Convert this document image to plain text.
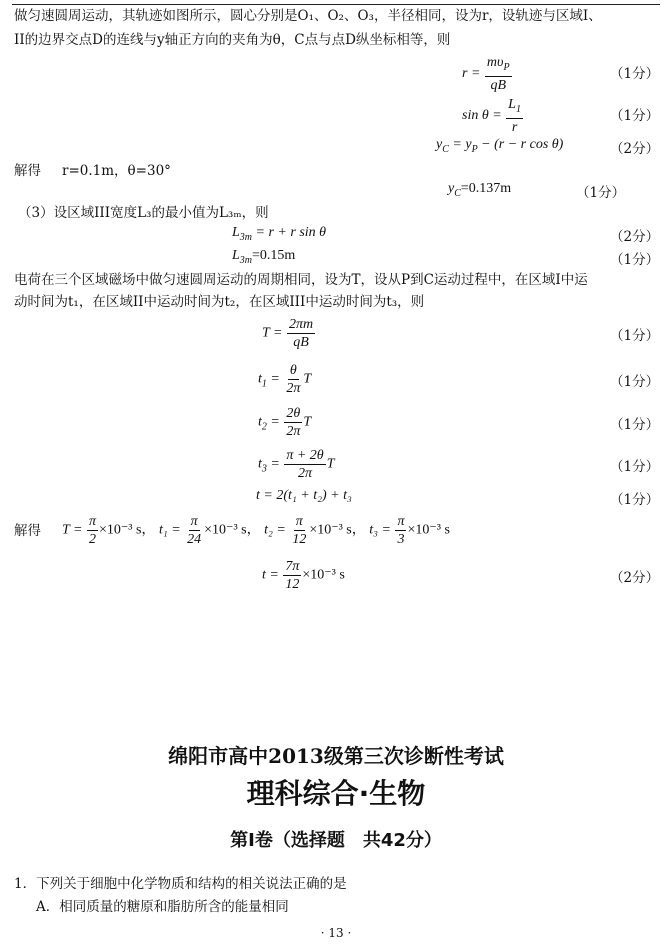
做匀速圆周运动，其轨迹如图所示，圆心分别是O₁、O₂、O₃，半径相同，设为r，设轨迹与区域I、
II的边界交点D的连线与y轴正方向的夹角为θ，C点与点D纵坐标相等，则
$r = \frac{m\upsilon_P}{qB}$	（1分）
$\sin \theta = \frac{L_1}{r}$	（1分）
$y_C = y_P - (r - r$ cos θ)	（2分）
解得 r=0.1m，θ=30°
$y_C=0.137m$	（1分）
（3）设区域III宽度L₃的最小值为L₃ₘ，则
$L_{3m} = r + r$ sin θ	（2分）
$L_{3m}=0.15m$	（1分）
电荷在三个区域磁场中做匀速圆周运动的周期相同，设为T，设从P到C运动过程中，在区域I中运
动时间为t₁，在区域II中运动时间为t₂，在区域III中运动时间为t₃，则
$T = \frac{2\pi m}{qB}$	（1分）
$t_1 = \frac{\theta}{2\pi}$ T	（1分）
$t_2 = \frac{2\theta}{2\pi}$ T	（1分）
$t_3 = \frac{\pi + 2\theta}{2\pi}$ T	（1分）
t = 2(t₁ + t₂) + t₃	（1分）
解得 $T = \frac{\pi}{2} \times 10^{-3}$ s， $t_1 = \frac{\pi}{24} \times 10^{-3}$ s， $t_2 = \frac{\pi}{12} \times 10^{-3}$ s， $t_3 = \frac{\pi}{3} \times 10^{-3}$ s
$t = \frac{7\pi}{12} \times 10^{-3}$ s	（2分）
绵阳市高中2013级第三次诊断性考试
理科综合·生物
第I卷（选择题　共42分）
1．下列关于细胞中化学物质和结构的相关说法正确的是
A．相同质量的糖原和脂肪所含的能量相同
· 13 ·
